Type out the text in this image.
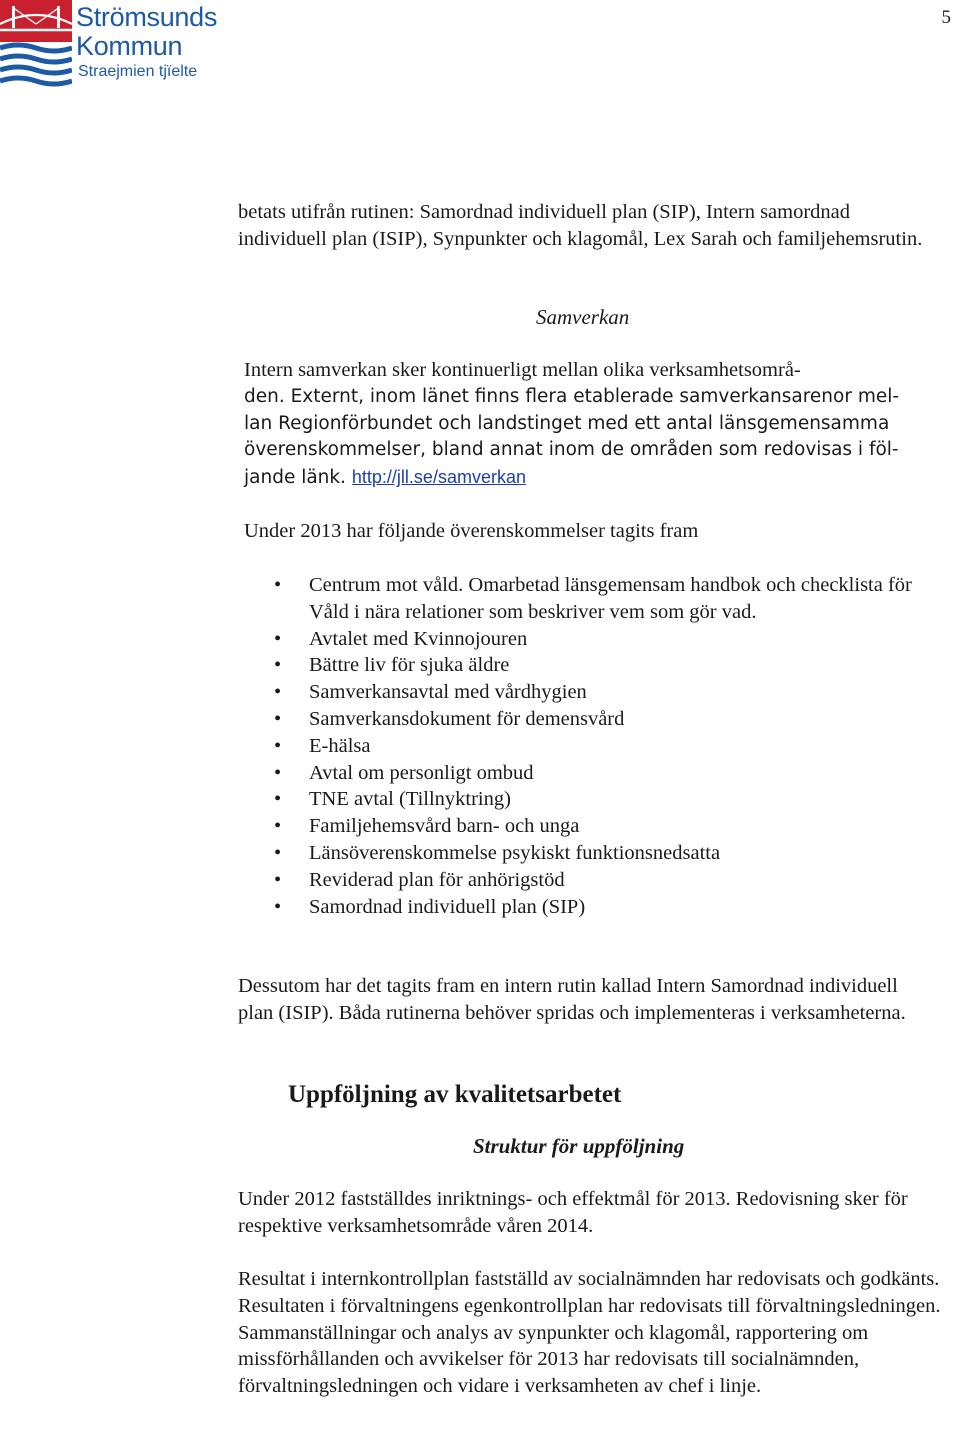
Strömsunds
Kommun
Straejmien tjïelte
5

betats utifrån rutinen: Samordnad individuell plan (SIP), Intern samordnad individuell plan (ISIP), Synpunkter och klagomål, Lex Sarah och familjehemsrutin.

Samverkan
Intern samverkan sker kontinuerligt mellan olika verksamhetsområ-
den. Externt, inom länet finns flera etablerade samverkansarenor mel-
lan Regionförbundet och landstinget med ett antal länsgemensamma
överenskommelser, bland annat inom de områden som redovisas i föl-
jande länk. http://jll.se/samverkan
Under 2013 har följande överenskommelser tagits fram
• Centrum mot våld. Omarbetad länsgemensam handbok och checklista för Våld i nära relationer som beskriver vem som gör vad.
• Avtalet med Kvinnojouren
• Bättre liv för sjuka äldre
• Samverkansavtal med vårdhygien
• Samverkansdokument för demensvård
• E-hälsa
• Avtal om personligt ombud
• TNE avtal (Tillnyktring)
• Familjehemsvård barn- och unga
• Länsöverenskommelse psykiskt funktionsnedsatta
• Reviderad plan för anhörigstöd
• Samordnad individuell plan (SIP)

Dessutom har det tagits fram en intern rutin kallad Intern Samordnad individuell plan (ISIP). Båda rutinerna behöver spridas och implementeras i verksamheterna.

Uppföljning av kvalitetsarbetet
Struktur för uppföljning

Under 2012 fastställdes inriktnings- och effektmål för 2013. Redovisning sker för respektive verksamhetsområde våren 2014.

Resultat i internkontrollplan fastställd av socialnämnden har redovisats och godkänts. Resultaten i förvaltningens egenkontrollplan har redovisats till förvaltningsledningen. Sammanställningar och analys av synpunkter och klagomål, rapportering om missförhållanden och avvikelser för 2013 har redovisats till socialnämnden, förvaltningsledningen och vidare i verksamheten av chef i linje.
